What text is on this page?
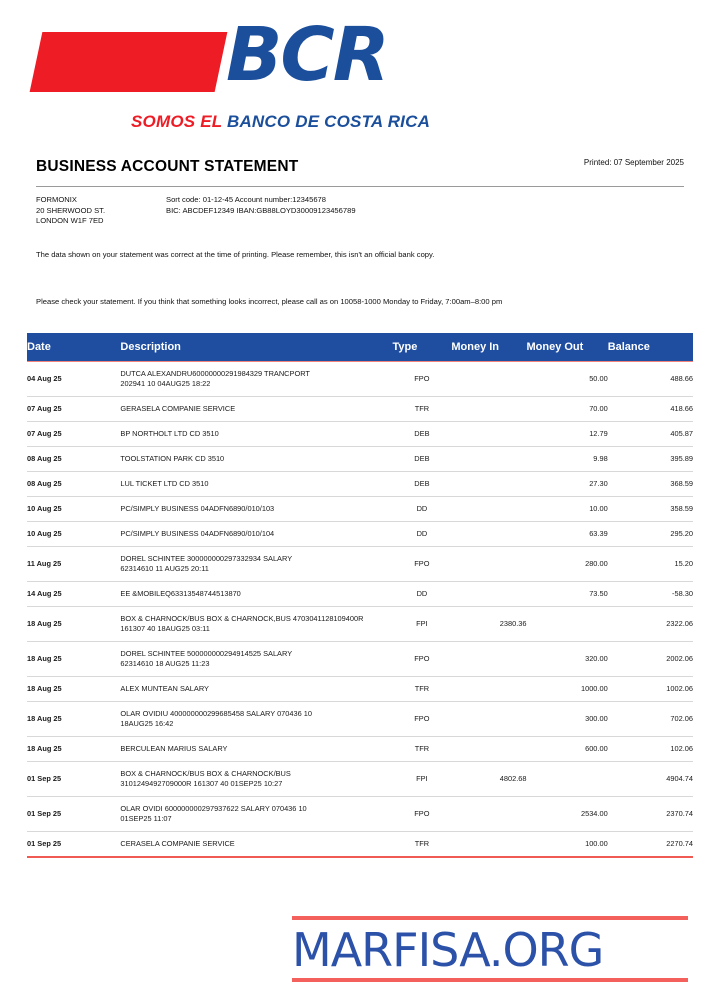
BCR
SOMOS EL BANCO DE COSTA RICA
BUSINESS ACCOUNT STATEMENT	Printed: 07 September 2025
FORMONIX
20 SHERWOOD ST.
LONDON W1F 7ED
Sort code: 01-12-45 Account number:12345678
BIC: ABCDEF12349 IBAN:GB88LOYD30009123456789
The data shown on your statement was correct at the time of printing. Please remember, this isn't an official bank copy.
Please check your statement. If you think that something looks incorrect, please call as on 10058-1000 Monday to Friday, 7:00am–8:00 pm
Date	Description	Type	Money In	Money Out	Balance
04 Aug 25	DUTCA ALEXANDRU60000000291984329 TRANCPORT
202941 10 04AUG25 18:22	FPO		50.00	488.66
07 Aug 25	GERASELA COMPANIE SERVICE	TFR		70.00	418.66
07 Aug 25	BP NORTHOLT LTD CD 3510	DEB		12.79	405.87
08 Aug 25	TOOLSTATION PARK CD 3510	DEB		9.98	395.89
08 Aug 25	LUL TICKET LTD CD 3510	DEB		27.30	368.59
10 Aug 25	PC/SIMPLY BUSINESS 04ADFN6890/010/103	DD		10.00	358.59
10 Aug 25	PC/SIMPLY BUSINESS 04ADFN6890/010/104	DD		63.39	295.20
11 Aug 25	DOREL SCHINTEE 300000000297332934 SALARY
62314610 11 AUG25 20:11	FPO		280.00	15.20
14 Aug 25	EE &MOBILEQ63313548744513870	DD		73.50	-58.30
18 Aug 25	BOX & CHARNOCK/BUS BOX & CHARNOCK,BUS 4703041128109400R
161307 40 18AUG25 03:11	FPI	2380.36		2322.06
18 Aug 25	DOREL SCHINTEE 500000000294914525 SALARY
62314610 18 AUG25 11:23	FPO		320.00	2002.06
18 Aug 25	ALEX MUNTEAN SALARY	TFR		1000.00	1002.06
18 Aug 25	OLAR OVIDIU 400000000299685458 SALARY 070436 10
18AUG25 16:42	FPO		300.00	702.06
18 Aug 25	BERCULEAN MARIUS SALARY	TFR		600.00	102.06
01 Sep 25	BOX & CHARNOCK/BUS BOX & CHARNOCK/BUS
3101249492709000R 161307 40 01SEP25 10:27	FPI	4802.68		4904.74
01 Sep 25	OLAR OVIDI 600000000297937622 SALARY 070436 10
01SEP25 11:07	FPO		2534.00	2370.74
01 Sep 25	CERASELA COMPANIE SERVICE	TFR		100.00	2270.74
MARFISA.ORG
